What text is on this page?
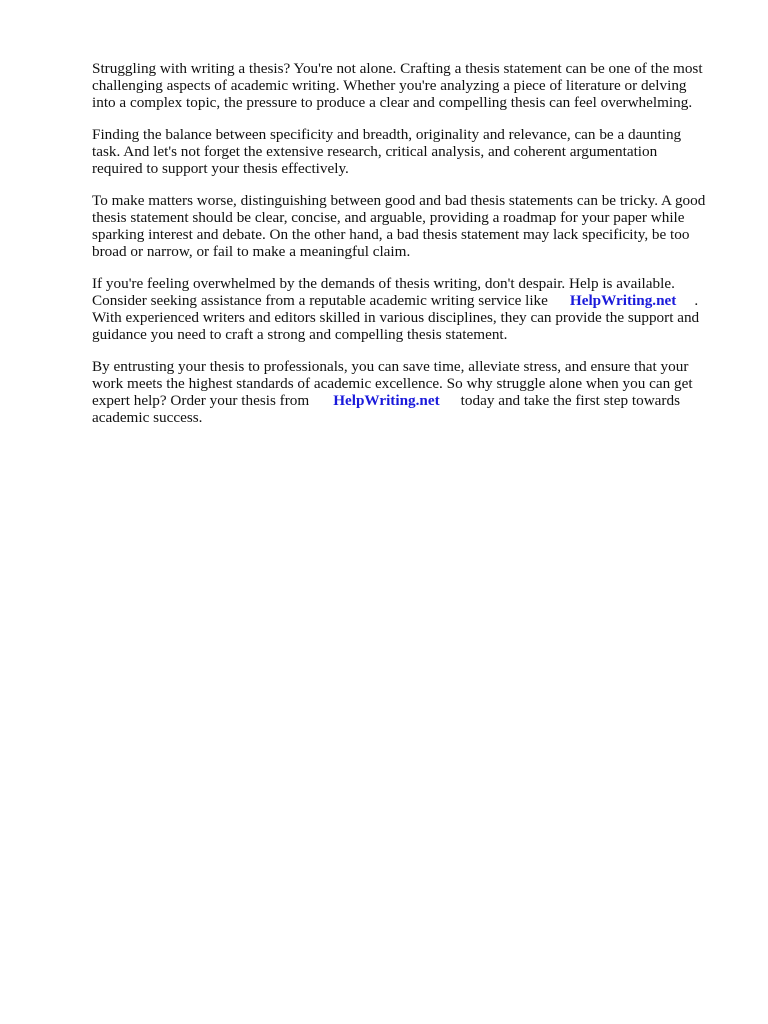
Struggling with writing a thesis? You're not alone. Crafting a thesis statement can be one of the most
challenging aspects of academic writing. Whether you're analyzing a piece of literature or delving
into a complex topic, the pressure to produce a clear and compelling thesis can feel overwhelming.
Finding the balance between specificity and breadth, originality and relevance, can be a daunting
task. And let's not forget the extensive research, critical analysis, and coherent argumentation
required to support your thesis effectively.
To make matters worse, distinguishing between good and bad thesis statements can be tricky. A good
thesis statement should be clear, concise, and arguable, providing a roadmap for your paper while
sparking interest and debate. On the other hand, a bad thesis statement may lack specificity, be too
broad or narrow, or fail to make a meaningful claim.
If you're feeling overwhelmed by the demands of thesis writing, don't despair. Help is available.
Consider seeking assistance from a reputable academic writing service like HelpWriting.net .
With experienced writers and editors skilled in various disciplines, they can provide the support and
guidance you need to craft a strong and compelling thesis statement.
By entrusting your thesis to professionals, you can save time, alleviate stress, and ensure that your
work meets the highest standards of academic excellence. So why struggle alone when you can get
expert help? Order your thesis from HelpWriting.net today and take the first step towards
academic success.
